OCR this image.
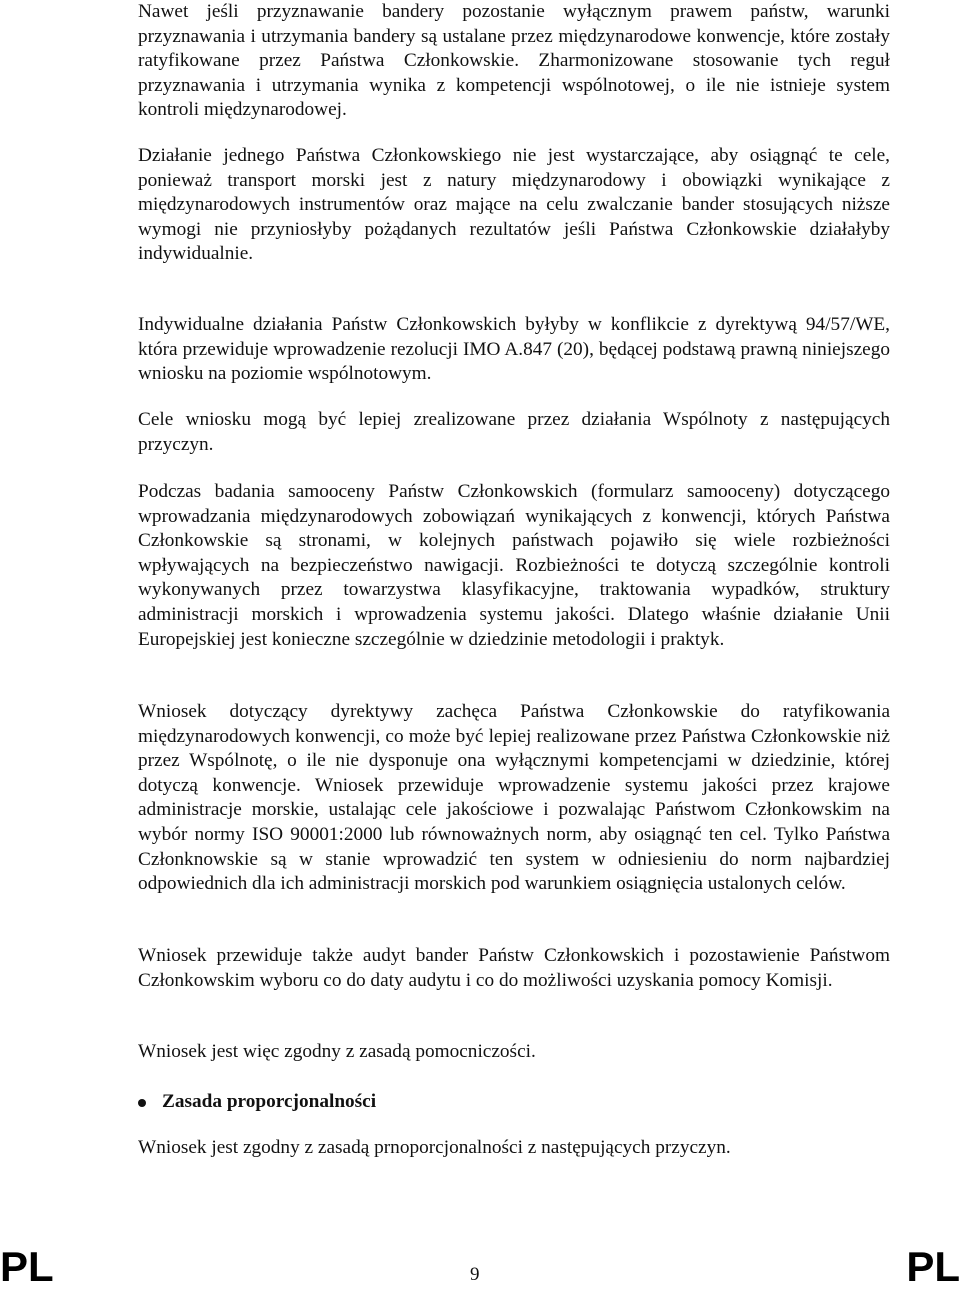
Nawet jeśli przyznawanie bandery pozostanie wyłącznym prawem państw, warunki przyznawania i utrzymania bandery są ustalane przez międzynarodowe konwencje, które zostały ratyfikowane przez Państwa Członkowskie. Zharmonizowane stosowanie tych reguł przyznawania i utrzymania wynika z kompetencji wspólnotowej, o ile nie istnieje system kontroli międzynarodowej.

Działanie jednego Państwa Członkowskiego nie jest wystarczające, aby osiągnąć te cele, ponieważ transport morski jest z natury międzynarodowy i obowiązki wynikające z międzynarodowych instrumentów oraz mające na celu zwalczanie bander stosujących niższe wymogi nie przyniosłyby pożądanych rezultatów jeśli Państwa Członkowskie działałyby indywidualnie.

Indywidualne działania Państw Członkowskich byłyby w konflikcie z dyrektywą 94/57/WE, która przewiduje wprowadzenie rezolucji IMO A.847 (20), będącej podstawą prawną niniejszego wniosku na poziomie wspólnotowym.

Cele wniosku mogą być lepiej zrealizowane przez działania Wspólnoty z następujących przyczyn.

Podczas badania samooceny Państw Członkowskich (formularz samooceny) dotyczącego wprowadzania międzynarodowych zobowiązań wynikających z konwencji, których Państwa Członkowskie są stronami, w kolejnych państwach pojawiło się wiele rozbieżności wpływających na bezpieczeństwo nawigacji. Rozbieżności te dotyczą szczególnie kontroli wykonywanych przez towarzystwa klasyfikacyjne, traktowania wypadków, struktury administracji morskich i wprowadzenia systemu jakości. Dlatego właśnie działanie Unii Europejskiej jest konieczne szczególnie w dziedzinie metodologii i praktyk.

Wniosek dotyczący dyrektywy zachęca Państwa Członkowskie do ratyfikowania międzynarodowych konwencji, co może być lepiej realizowane przez Państwa Członkowskie niż przez Wspólnotę, o ile nie dysponuje ona wyłącznymi kompetencjami w dziedzinie, której dotyczą konwencje. Wniosek przewiduje wprowadzenie systemu jakości przez krajowe administracje morskie, ustalając cele jakościowe i pozwalając Państwom Członkowskim na wybór normy ISO 90001:2000 lub równoważnych norm, aby osiągnąć ten cel. Tylko Państwa Członknowskie są w stanie wprowadzić ten system w odniesieniu do norm najbardziej odpowiednich dla ich administracji morskich pod warunkiem osiągnięcia ustalonych celów.

Wniosek przewiduje także audyt bander Państw Członkowskich i pozostawienie Państwom Członkowskim wyboru co do daty audytu i co do możliwości uzyskania pomocy Komisji.

Wniosek jest więc zgodny z zasadą pomocniczości.

Zasada proporcjonalności

Wniosek jest zgodny z zasadą prnoporcjonalności z następujących przyczyn.

PL	9	PL
